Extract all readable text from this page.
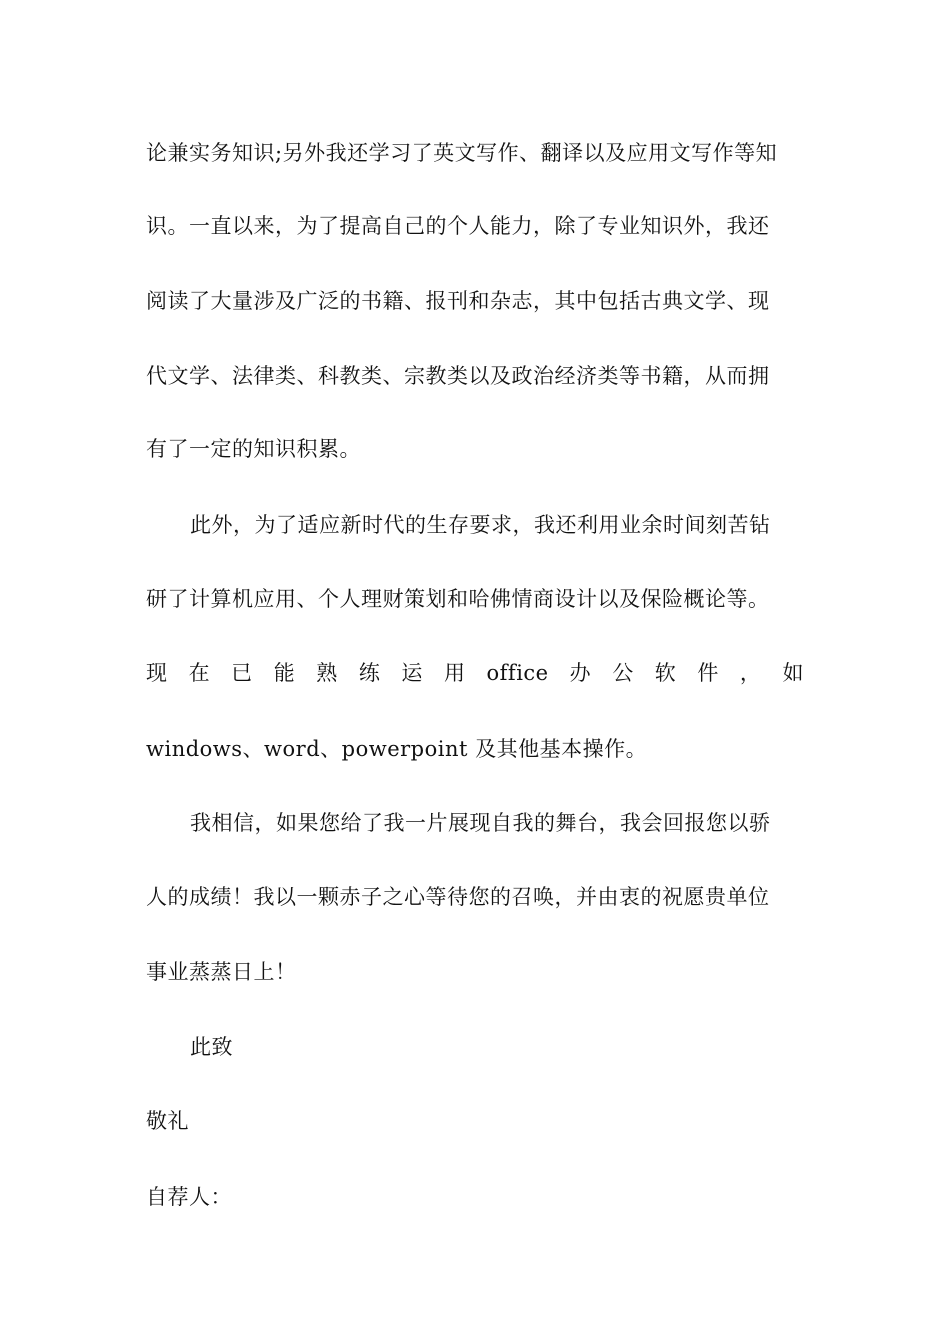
论兼实务知识;另外我还学习了英文写作、翻译以及应用文写作等知
识。一直以来，为了提高自己的个人能力，除了专业知识外，我还
阅读了大量涉及广泛的书籍、报刊和杂志，其中包括古典文学、现
代文学、法律类、科教类、宗教类以及政治经济类等书籍，从而拥
有了一定的知识积累。
此外，为了适应新时代的生存要求，我还利用业余时间刻苦钻
研了计算机应用、个人理财策划和哈佛情商设计以及保险概论等。
现 在 已 能 熟 练 运 用 office 办 公 软 件 ， 如
windows、word、powerpoint 及其他基本操作。
我相信，如果您给了我一片展现自我的舞台，我会回报您以骄
人的成绩！我以一颗赤子之心等待您的召唤，并由衷的祝愿贵单位
事业蒸蒸日上！
此致
敬礼
自荐人：
